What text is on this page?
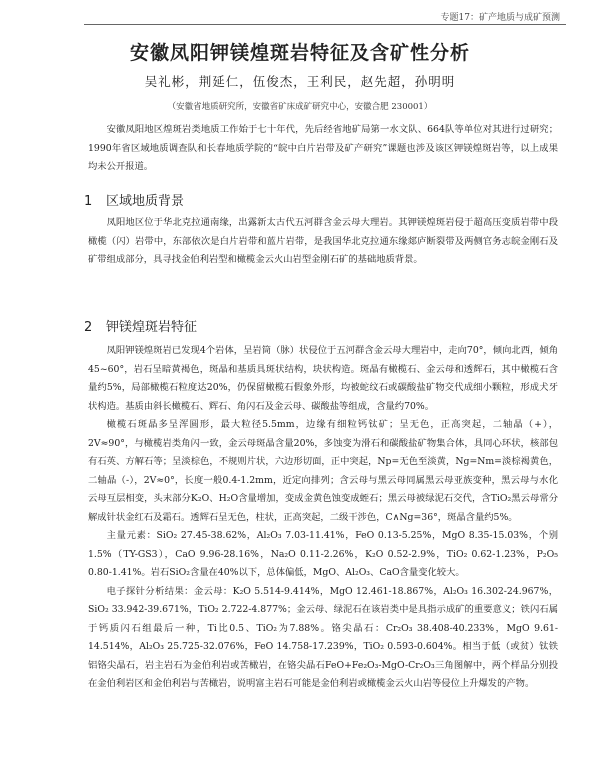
专题17：矿产地质与成矿预测
安徽凤阳钾镁煌斑岩特征及含矿性分析
吴礼彬，荆延仁，伍俊杰，王利民，赵先超，孙明明
（安徽省地质研究所，安徽省矿床成矿研究中心，安徽合肥 230001）

安徽凤阳地区煌斑岩类地质工作始于七十年代，先后经省地矿局第一水文队、664队等单位对其进行过研究；1990年省区域地质调查队和长春地质学院的“皖中白片岩带及矿产研究”课题也涉及该区钾镁煌斑岩等，以上成果均未公开报道。

1 区域地质背景

凤阳地区位于华北克拉通南缘，出露新太古代五河群含金云母大理岩。其钾镁煌斑岩侵于超高压变质岩带中段橄榄（闪）岩带中，东部依次是白片岩带和蓝片岩带，是我国华北克拉通东缘郯庐断裂带及两侧官务志皖金刚石及矿带组成部分，具寻找金伯利岩型和橄榄金云火山岩型金刚石矿的基础地质背景。

2 钾镁煌斑岩特征

凤阳钾镁煌斑岩已发现4个岩体，呈岩筒（脉）状侵位于五河群含金云母大理岩中，走向70°，倾向北西，倾角45~60°，岩石呈暗黄褐色，斑晶和基质具斑状结构，块状构造。斑晶有橄榄石、金云母和透辉石，其中橄榄石含量约5%，局部橄榄石粒度达20%，仍保留橄榄石假象外形，均被蛇纹石或碳酸盐矿物交代成细小颗粒，形成犬牙状构造。基质由斜长橄榄石、辉石、角闪石及金云母、碳酸盐等组成，含量约70%。

橄榄石斑晶多呈浑圆形，最大粒径5.5mm，边缘有细粒钙钛矿；呈无色，正高突起，二轴晶（+），2V≈90°，与橄榄岩类角闪一致，金云母斑晶含量20%，多蚀变为滑石和碳酸盐矿物集合体，具同心环状，核部包有石英、方解石等；呈淡棕色，不规则片状，六边形切面，正中突起，Np=无色至淡黄，Ng=Nm=淡棕褐黄色，二轴晶（-），2V≈0°，长度一般0.4-1.2mm，近定向排列；含云母与黑云母同属黑云母亚族变种，黑云母与水化云母互层相变，头末部分K₂O、H₂O含量增加，变成金黄色蚀变成蛭石；黑云母被绿泥石交代，含TiO₂黑云母常分解成针状金红石及霜石。透辉石呈无色，柱状，正高突起，二级干涉色，C∧Ng=36°，斑晶含量约5%。

主量元素：SiO₂ 27.45-38.62%，Al₂O₃ 7.03-11.41%，FeO 0.13-5.25%，MgO 8.35-15.03%，个别1.5%（TY-GS3），CaO 9.96-28.16%，Na₂O 0.11-2.26%，K₂O 0.52-2.9%，TiO₂ 0.62-1.23%，P₂O₅ 0.80-1.41%。岩石SiO₂含量在40%以下，总体偏低，MgO、Al₂O₃、CaO含量变化较大。

电子探针分析结果：金云母：K₂O 5.514-9.414%，MgO 12.461-18.867%，Al₂O₃ 16.302-24.967%，SiO₂ 33.942-39.671%，TiO₂ 2.722-4.877%；金云母、绿泥石在该岩类中是具指示成矿的重要意义；铁闪石属于钙质闪石组最后一种，Ti比0.5、TiO₂为7.88%。铬尖晶石：Cr₂O₃ 38.408-40.233%，MgO 9.61-14.514%，Al₂O₃ 25.725-32.076%，FeO 14.758-17.239%，TiO₂ 0.593-0.604%。相当于低（或贫）钛铁铝铬尖晶石，岩主岩石为金伯利岩或苦橄岩，在铬尖晶石FeO+Fe₂O₃-MgO-Cr₂O₃三角图解中，两个样品分别投在金伯利岩区和金伯利岩与苦橄岩，说明富主岩石可能是金伯利岩或橄榄金云火山岩等侵位上升爆发的产物。
